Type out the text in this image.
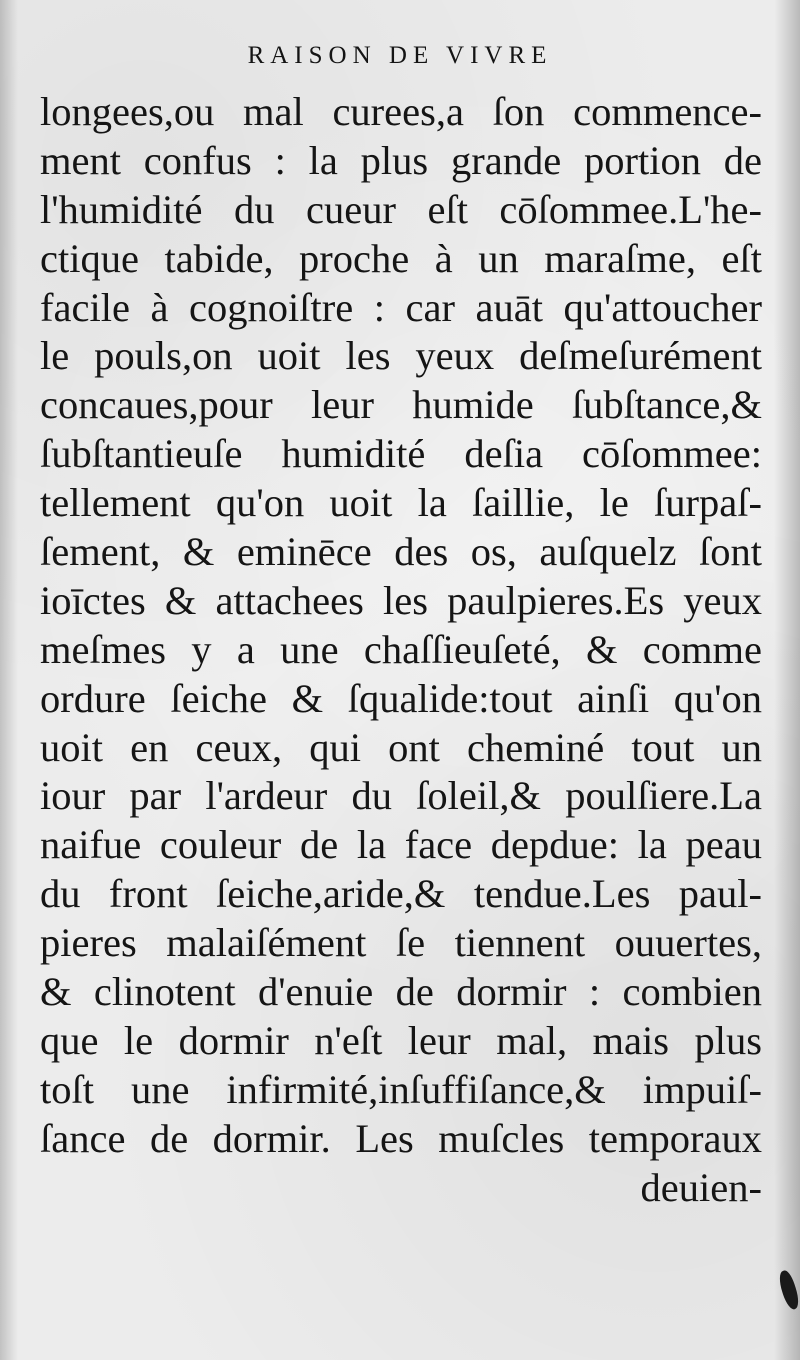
RAISON DE VIVRE
longees,ou mal curees,a ſon commence-
ment confus : la plus grande portion de
l'humidité du cueur eſt cōſommee.L'he-
ctique tabide, proche à un maraſme, eſt
facile à cognoiſtre : car auāt qu'attoucher
le pouls,on uoit les yeux deſmeſurément
concaues,pour leur humide ſubſtance,&
ſubſtantieuſe humidité deſia cōſommee:
tellement qu'on uoit la ſaillie, le ſurpaſ-
ſement, & eminēce des os, auſquelz ſont
ioīctes & attachees les paulpieres.Es yeux
meſmes y a une chaſſieuſeté, & comme
ordure ſeiche & ſqualide:tout ainſi qu'on
uoit en ceux, qui ont cheminé tout un
iour par l'ardeur du ſoleil,& poulſiere.La
naifue couleur de la face depdue: la peau
du front ſeiche,aride,& tendue.Les paul-
pieres malaiſément ſe tiennent ouuertes,
& clinotent d'enuie de dormir : combien
que le dormir n'eſt leur mal, mais plus
toſt une infirmité,inſuffiſance,& impuiſ-
ſance de dormir. Les muſcles temporaux
deuien-
